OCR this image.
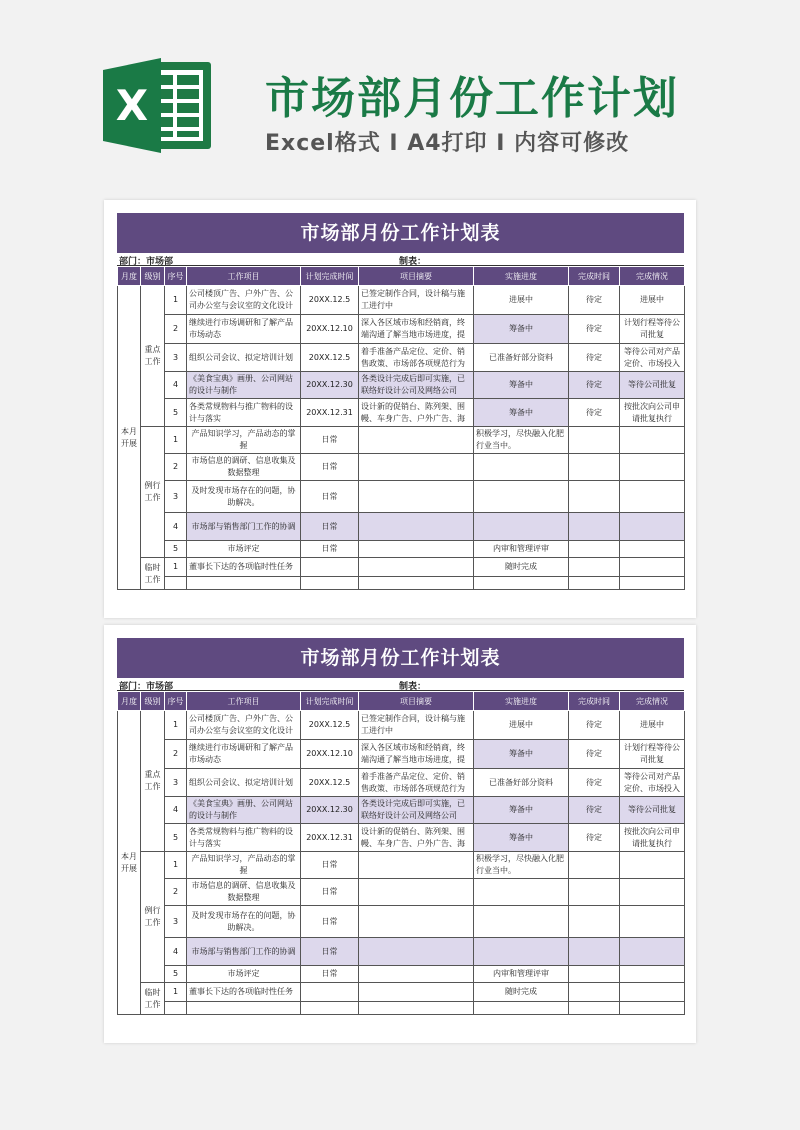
X	市场部月份工作计划
Excel格式 I A4打印 I 内容可修改
市场部月份工作计划表
部门：市场部	制表：
月度	级别	序号	工作项目	计划完成时间	项目摘要	实施进度	完成时间	完成情况
本月开展	重点工作	1	公司楼顶广告、户外广告、公司办公室与会议室的文化设计	20XX.12.5	已签定制作合同，设计稿与施工进行中	进展中	待定	进展中
		2	继续进行市场调研和了解产品市场动态	20XX.12.10	深入各区域市场和经销商，终端沟通了解当地市场进度，提	筹备中	待定	计划行程等待公司批复

		3	组织公司会议、拟定培训计划	20XX.12.5	着手准备产品定位、定价、销售政策、市场部各项规范行为	已准备好部分资料	待定	等待公司对产品定价、市场投入

		4	《美食宝典》画册、公司网站的设计与制作	20XX.12.30	各类设计完成后即可实施，已联络好设计公司及网络公司	筹备中	待定	等待公司批复
		5	各类常规物料与推广物料的设计与落实	20XX.12.31	设计新的促销台、陈列架、围幔、车身广告、户外广告、海	筹备中	待定	按批次向公司申请批复执行

	例行工作	1	产品知识学习，产品动态的掌握	日常		积极学习，尽快融入化肥行业当中。		

		2	市场信息的调研、信息收集及数据整理	日常				
		3	及时发现市场存在的问题，协助解决。	日常				
		4	市场部与销售部门工作的协调	日常				
		5	市场评定	日常		内审和管理评审		
	临时工作	1	董事长下达的各项临时性任务			随时完成		

市场部月份工作计划表
部门：市场部	制表：
月度	级别	序号	工作项目	计划完成时间	项目摘要	实施进度	完成时间	完成情况
本月开展	重点工作	1	公司楼顶广告、户外广告、公司办公室与会议室的文化设计	20XX.12.5	已签定制作合同，设计稿与施工进行中	进展中	待定	进展中
		2	继续进行市场调研和了解产品市场动态	20XX.12.10	深入各区域市场和经销商，终端沟通了解当地市场进度，提	筹备中	待定	计划行程等待公司批复

		3	组织公司会议、拟定培训计划	20XX.12.5	着手准备产品定位、定价、销售政策、市场部各项规范行为	已准备好部分资料	待定	等待公司对产品定价、市场投入

		4	《美食宝典》画册、公司网站的设计与制作	20XX.12.30	各类设计完成后即可实施，已联络好设计公司及网络公司	筹备中	待定	等待公司批复
		5	各类常规物料与推广物料的设计与落实	20XX.12.31	设计新的促销台、陈列架、围幔、车身广告、户外广告、海	筹备中	待定	按批次向公司申请批复执行

	例行工作	1	产品知识学习，产品动态的掌握	日常		积极学习，尽快融入化肥行业当中。		

		2	市场信息的调研、信息收集及数据整理	日常				
		3	及时发现市场存在的问题，协助解决。	日常				
		4	市场部与销售部门工作的协调	日常				
		5	市场评定	日常		内审和管理评审		
	临时工作	1	董事长下达的各项临时性任务			随时完成		
